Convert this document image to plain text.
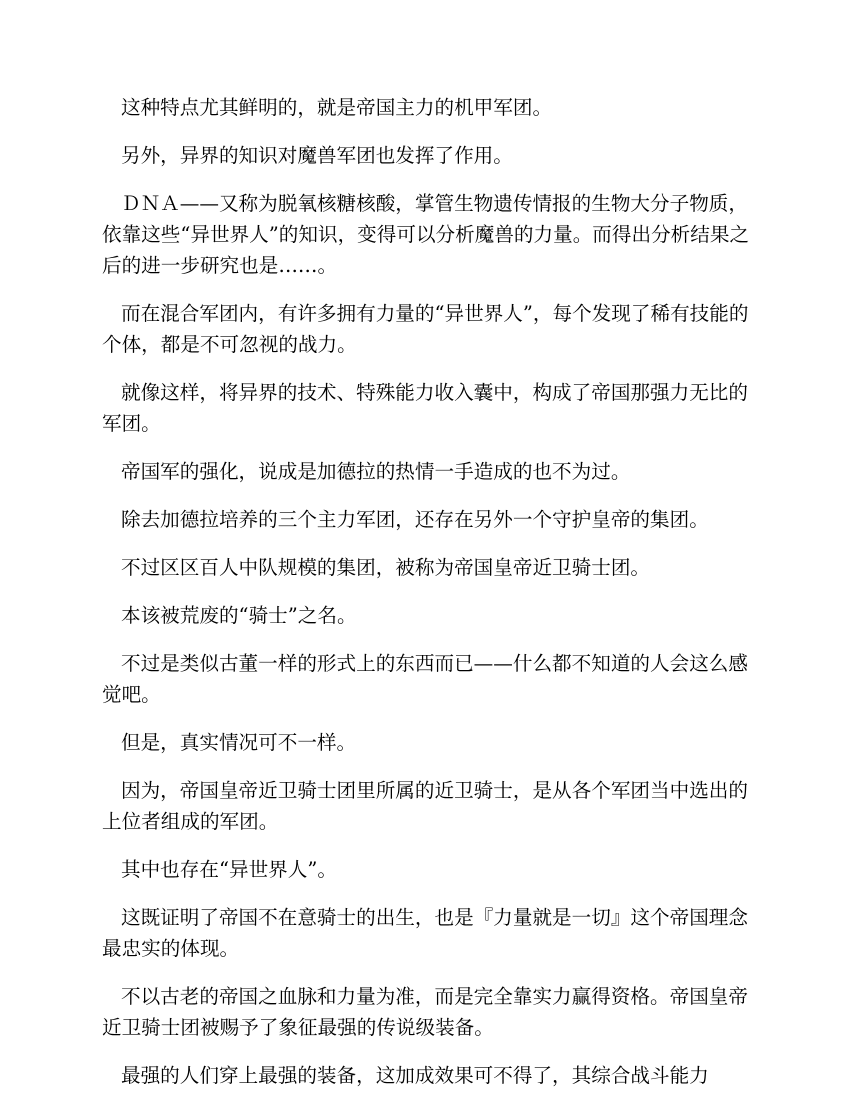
这种特点尤其鲜明的，就是帝国主力的机甲军团。

另外，异界的知识对魔兽军团也发挥了作用。

ＤＮＡ——又称为脱氧核糖核酸，掌管生物遗传情报的生物大分子物质，依靠这些“异世界人”的知识，变得可以分析魔兽的力量。而得出分析结果之后的进一步研究也是……。

而在混合军团内，有许多拥有力量的“异世界人”，每个发现了稀有技能的个体，都是不可忽视的战力。

就像这样，将异界的技术、特殊能力收入囊中，构成了帝国那强力无比的军团。

帝国军的强化，说成是加德拉的热情一手造成的也不为过。

除去加德拉培养的三个主力军团，还存在另外一个守护皇帝的集团。

不过区区百人中队规模的集团，被称为帝国皇帝近卫骑士团。

本该被荒废的“骑士”之名。

不过是类似古董一样的形式上的东西而已——什么都不知道的人会这么感觉吧。

但是，真实情况可不一样。

因为，帝国皇帝近卫骑士团里所属的近卫骑士，是从各个军团当中选出的上位者组成的军团。

其中也存在“异世界人”。

这既证明了帝国不在意骑士的出生，也是『力量就是一切』这个帝国理念最忠实的体现。

不以古老的帝国之血脉和力量为准，而是完全靠实力赢得资格。帝国皇帝近卫骑士团被赐予了象征最强的传说级装备。

最强的人们穿上最强的装备，这加成效果可不得了，其综合战斗能力
